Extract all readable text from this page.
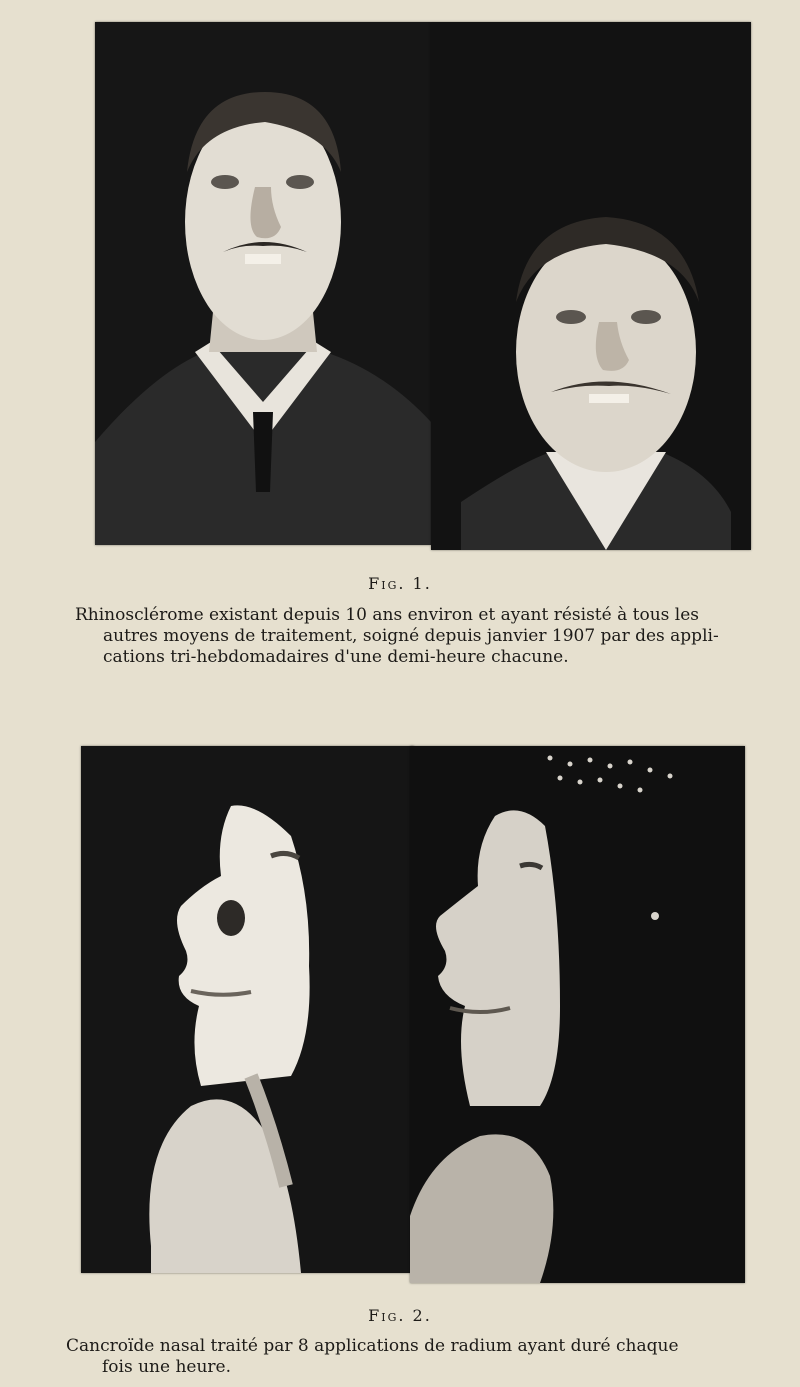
Fig. 1.
Rhinosclérome existant depuis 10 ans environ et ayant résisté à tous les
autres moyens de traitement, soigné depuis janvier 1907 par des appli-
cations tri-hebdomadaires d'une demi-heure chacune.
Fig. 2.
Cancroïde nasal traité par 8 applications de radium ayant duré chaque
fois une heure.
